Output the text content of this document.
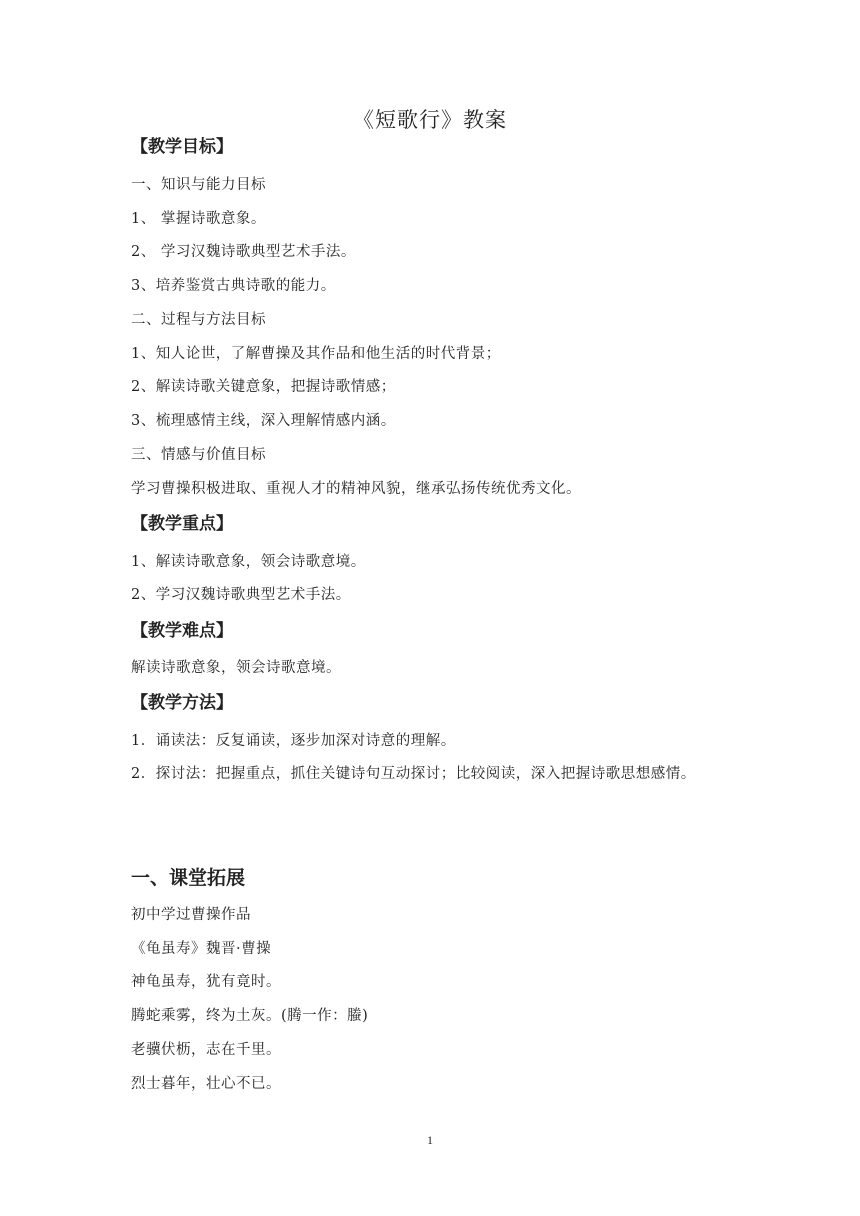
《短歌行》教案
【教学目标】
一、知识与能力目标
1、 掌握诗歌意象。
2、 学习汉魏诗歌典型艺术手法。
3、培养鉴赏古典诗歌的能力。
二、过程与方法目标
1、知人论世，了解曹操及其作品和他生活的时代背景；
2、解读诗歌关键意象，把握诗歌情感；
3、梳理感情主线，深入理解情感内涵。
三、情感与价值目标
学习曹操积极进取、重视人才的精神风貌，继承弘扬传统优秀文化。
【教学重点】
1、解读诗歌意象，领会诗歌意境。
2、学习汉魏诗歌典型艺术手法。
【教学难点】
解读诗歌意象，领会诗歌意境。
【教学方法】
1．诵读法：反复诵读，逐步加深对诗意的理解。
2．探讨法：把握重点，抓住关键诗句互动探讨；比较阅读，深入把握诗歌思想感情。
一、课堂拓展
初中学过曹操作品
《龟虽寿》魏晋·曹操
神龟虽寿，犹有竟时。
腾蛇乘雾，终为土灰。(腾一作：螣)
老骥伏枥，志在千里。
烈士暮年，壮心不已。
1
